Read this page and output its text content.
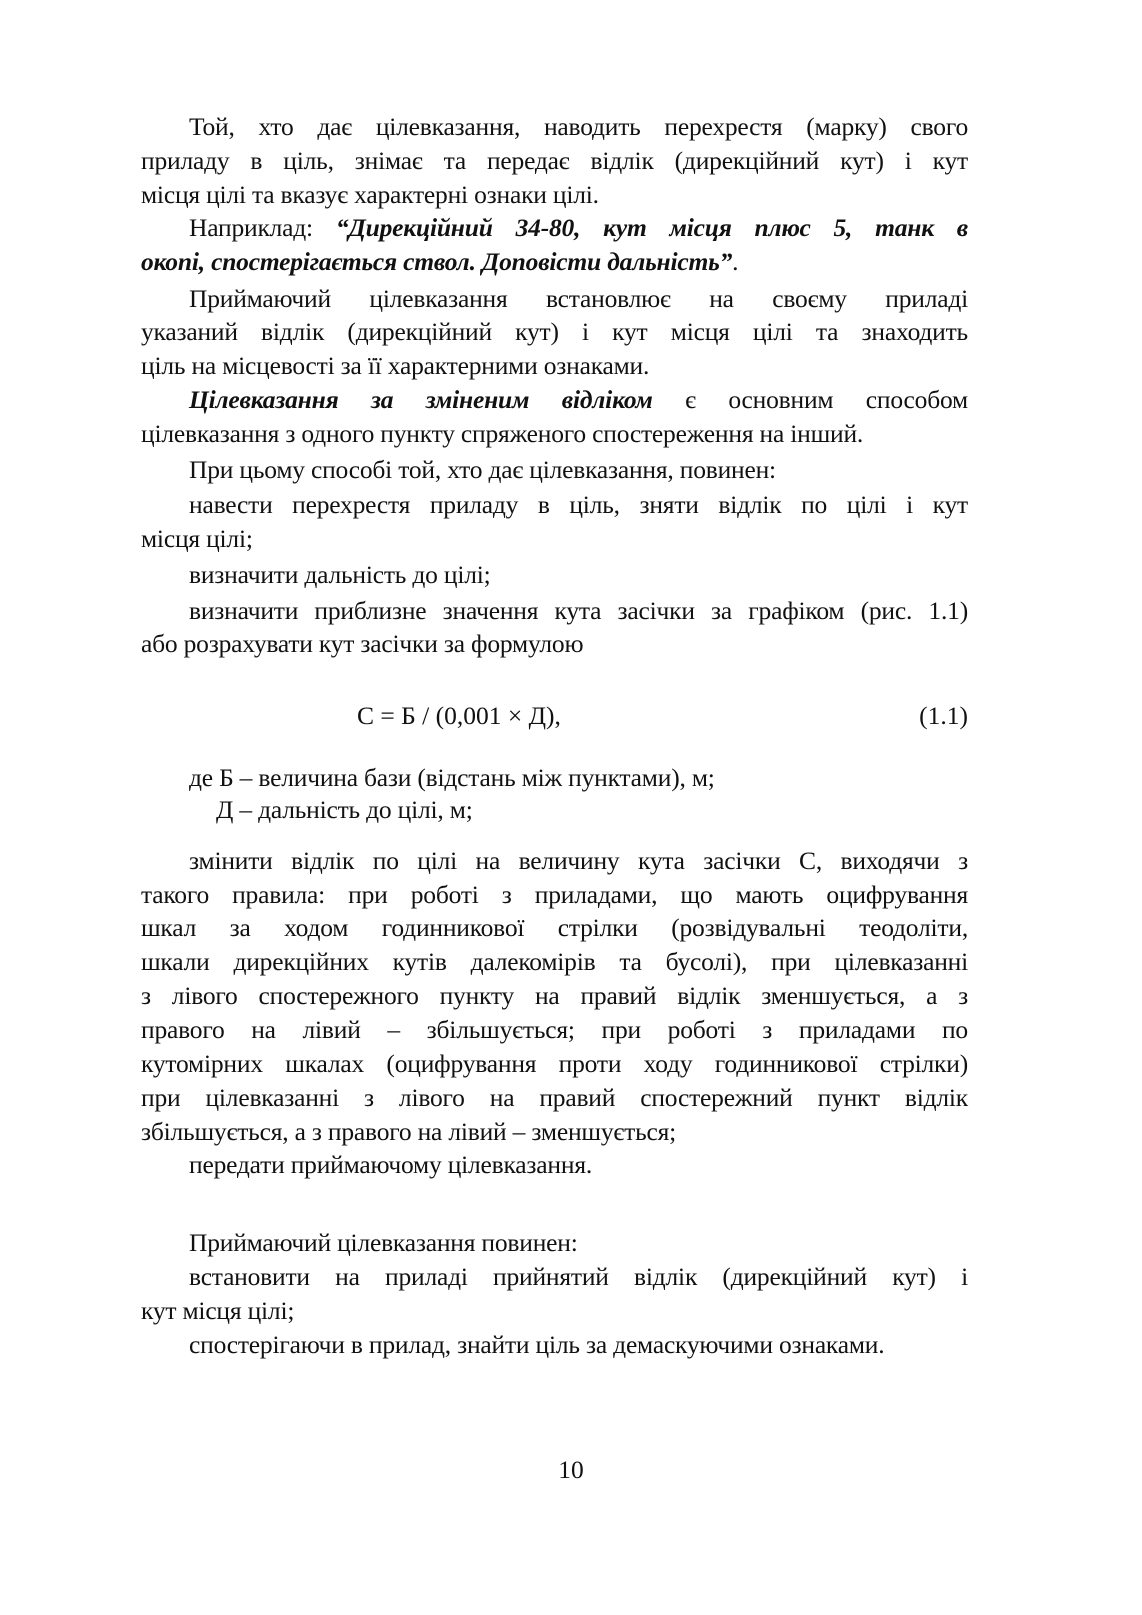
Той, хто дає цілевказання, наводить перехрестя (марку) свого
приладу в ціль, знімає та передає відлік (дирекційний кут) і кут
місця цілі та вказує характерні ознаки цілі.
Наприклад: “Дирекційний 34-80, кут місця плюс 5, танк в
окопі, спостерігається ствол. Доповісти дальність”.
Приймаючий цілевказання встановлює на своєму приладі
указаний відлік (дирекційний кут) і кут місця цілі та знаходить
ціль на місцевості за її характерними ознаками.
Цілевказання за зміненим відліком є основним способом
цілевказання з одного пункту спряженого спостереження на інший.
При цьому способі той, хто дає цілевказання, повинен:
навести перехрестя приладу в ціль, зняти відлік по цілі і кут
місця цілі;
визначити дальність до цілі;
визначити приблизне значення кута засічки за графіком (рис. 1.1)
або розрахувати кут засічки за формулою
С = Б / (0,001 × Д),	(1.1)
де Б – величина бази (відстань між пунктами), м;
Д – дальність до цілі, м;
змінити відлік по цілі на величину кута засічки С, виходячи з
такого правила: при роботі з приладами, що мають оцифрування
шкал за ходом годинникової стрілки (розвідувальні теодоліти,
шкали дирекційних кутів далекомірів та бусолі), при цілевказанні
з лівого спостережного пункту на правий відлік зменшується, а з
правого на лівий – збільшується; при роботі з приладами по
кутомірних шкалах (оцифрування проти ходу годинникової стрілки)
при цілевказанні з лівого на правий спостережний пункт відлік
збільшується, а з правого на лівий – зменшується;
передати приймаючому цілевказання.
Приймаючий цілевказання повинен:
встановити на приладі прийнятий відлік (дирекційний кут) і
кут місця цілі;
спостерігаючи в прилад, знайти ціль за демаскуючими ознаками.
10
